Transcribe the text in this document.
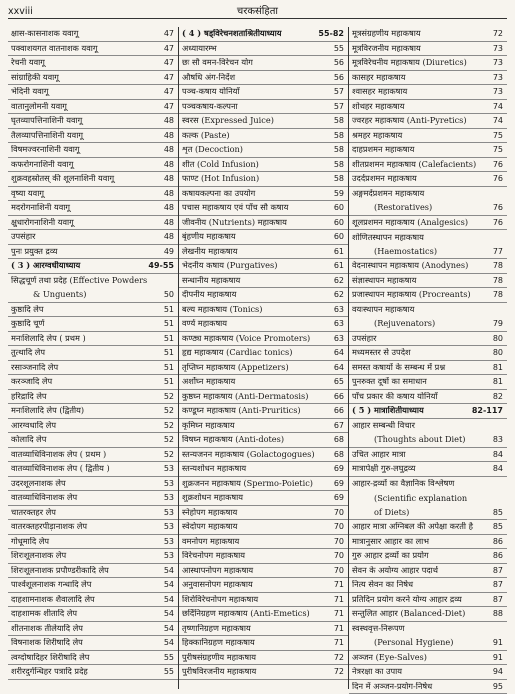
xxviii	चरकसंहिता
क्षास-कासनाशक यवागू	47
पक्वाशयगत वातनाशक यवागू	47
रेचनी यवागू	47
सांग्राहिकी यवागू	47
भेदिनी यवागू	47
वातानुलोमनी यवागू	47
घृतव्यापत्तिनाशिनी यवागू	48
तैलव्यापत्तिनाशिनी यवागू	48
विषमज्वरनाशिनी यवागू	48
कफरोगनाशिनी यवागू	48
शुक्रवहस्रोतस् की शूलनाशिनी यवागू	48
वृष्या यवागू	48
मदरोगनाशिनी यवागू	48
क्षुधारोगनाशिनी यवागू	48
उपसंहार	48
पुनः प्रयुक्त द्रव्य	49
( 3 ) आरग्वधीयाध्याय	49-55
सिद्धचूर्ण तथा प्रदेह (Effective Powders
& Unguents)	50
कुष्ठादि लेप	51
कुष्ठादि चूर्ण	51
मनःशिलादि लेप ( प्रथम )	51
तुत्थादि लेप	51
रसाञ्जनादि लेप	51
करञ्जादि लेप	51
हरिद्रादि लेप	52
मनःशिलादि लेप (द्वितीय)	52
आरग्वधादि लेप	52
कोलादि लेप	52
वातव्याधिविनाशक लेप ( प्रथम )	52
वातव्याधिविनाशक लेप ( द्वितीय )	53
उदरशूलनाशक लेप	53
वातव्याधिविनाशक लेप	53
चातरक्तहर लेप	53
वातरक्तहरपीड़ानाशक लेप	53
गोधूमादि लेप	53
शिरःशूलनाशक लेप	53
शिरःशूलनाशक प्रपौण्डरीकादि लेप	54
पार्श्वशूलनाशक गन्धादि लेप	54
दाहशामनाशक शैवालादि लेप	54
दाहशामक शीतादि लेप	54
शीतनाशक तीलेयादि लेप	54
विषनाशक शिरीषादि लेप	54
त्वग्दोषादिहर शिरीषादि लेप	55
शरीरदुर्गन्धिहर पत्रादि प्रदेह	55
( 4 ) षड्विरेचनशताश्रितीयाध्याय	55-82
अध्यायारम्भ	55
छः सौ वमन-विरेचन योग	56
औषधि अंग-निर्देश	56
पञ्च-कषाय योनियाँ	57
पञ्चकषाय-कल्पना	57
स्वरस (Expressed Juice)	58
कल्क (Paste)	58
शृत (Decoction)	58
शीत (Cold Infusion)	58
फाण्ट (Hot Infusion)	58
कषायकल्पना का उपयोग	59
पचास महाकषाय एवं पाँच सौ कषाय	60
जीवनीय (Nutrients) महाकषाय	60
बृंहणीय महाकषाय	60
लेखनीय महाकषाय	61
भेदनीय कषाय (Purgatives)	61
सन्धानीय महाकषाय	62
दीपनीय महाकषाय	62
बल्य महाकषाय (Tonics)	63
वर्ण्य महाकषाय	63
कण्ठ्य महाकषाय (Voice Promoters)	63
हृद्य महाकषाय (Cardiac tonics)	64
तृप्तिघ्न महाकषाय (Appetizers)	64
अर्शोघ्न महाकषाय	65
कुष्ठघ्न महाकषाय (Anti-Dermatosis)	66
कण्डूघ्न महाकषाय (Anti-Pruritics)	66
कृमिघ्न महाकषाय	67
विषघ्न महाकषाय (Anti-dotes)	68
स्तन्यजनन महाकषाय (Golactogogues)	68
स्तन्यशोधन महाकषाय	69
शुक्रजनन महाकषाय (Spermo-Poietic)	69
शुक्रशोधन महाकषाय	69
स्नेहोपग महाकषाय	70
स्वेदोपग महाकषाय	70
वमनोपग महाकषाय	70
विरेचनोपग महाकषाय	70
आस्थापनोपग महाकषाय	70
अनुवासनोपग महाकषाय	71
शिरोविरेचनोपग महाकषाय	71
छर्दिनिग्रहण महाकषाय (Anti-Emetics)	71
तृष्णानिग्रहण महाकषाय	71
हिक्कानिग्रहण महाकषाय	71
पुरीषसंग्रहणीय महाकषाय	72
पुरीषविरजनीय महाकषाय	72
मूत्रसंग्रहणीय महाकषाय	72
मूत्रविरजनीय महाकषाय	73
मूत्रविरेचनीय महाकषाय (Diuretics)	73
कासहर महाकषाय	73
श्वासहर महाकषाय	73
शोथहर महाकषाय	74
ज्वरहर महाकषाय (Anti-Pyretics)	74
श्रमहर महाकषाय	75
दाहप्रशमन महाकषाय	75
शीतप्रशमन महाकषाय (Calefacients)	76
उदर्दप्रशमन महाकषाय	76
अङ्गमर्दप्रशमन महाकषाय
(Restoratives)	76
शूलप्रशमन महाकषाय (Analgesics)	76
शोणितस्थापन महाकषाय
(Haemostatics)	77
वेदनास्थापन महाकषाय (Anodynes)	78
संज्ञास्थापन महाकषाय	78
प्रजास्थापन महाकषाय (Procreants)	78
वयःस्थापन महाकषाय
(Rejuvenators)	79
उपसंहार	80
मध्यमस्तर से उपदेश	80
समस्त कषायों के सम्बन्ध में प्रश्न	81
पुनरुक्त दूषों का समाधान	81
पाँच प्रकार की कषाय योनियाँ	82
( 5 ) मात्राशितीयाध्याय	82-117
आहार सम्बन्धी विचार
(Thoughts about Diet)	83
उचित आहार मात्रा	84
मात्रापेक्षी गुरु-लघुद्रव्य	84
आहार-द्रव्यों का वैज्ञानिक विश्लेषण
(Scientific explanation
of Diets)	85
आहार मात्रा अग्निबल की अपेक्षा करती है	85
मात्रानुसार आहार का लाभ	86
गुरु आहार द्रव्यों का प्रयोग	86
सेवन के अयोग्य आहार पदार्थ	87
नित्य सेवन का निषेध	87
प्रतिदिन प्रयोग करने योग्य आहार द्रव्य	87
सन्तुलित आहार (Balanced-Diet)	88
स्वस्थवृत्त-निरूपण
(Personal Hygiene)	91
अञ्जन (Eye-Salves)	91
नेत्ररक्षा का उपाय	94
दिन में अञ्जन-प्रयोग-निषेध	95
